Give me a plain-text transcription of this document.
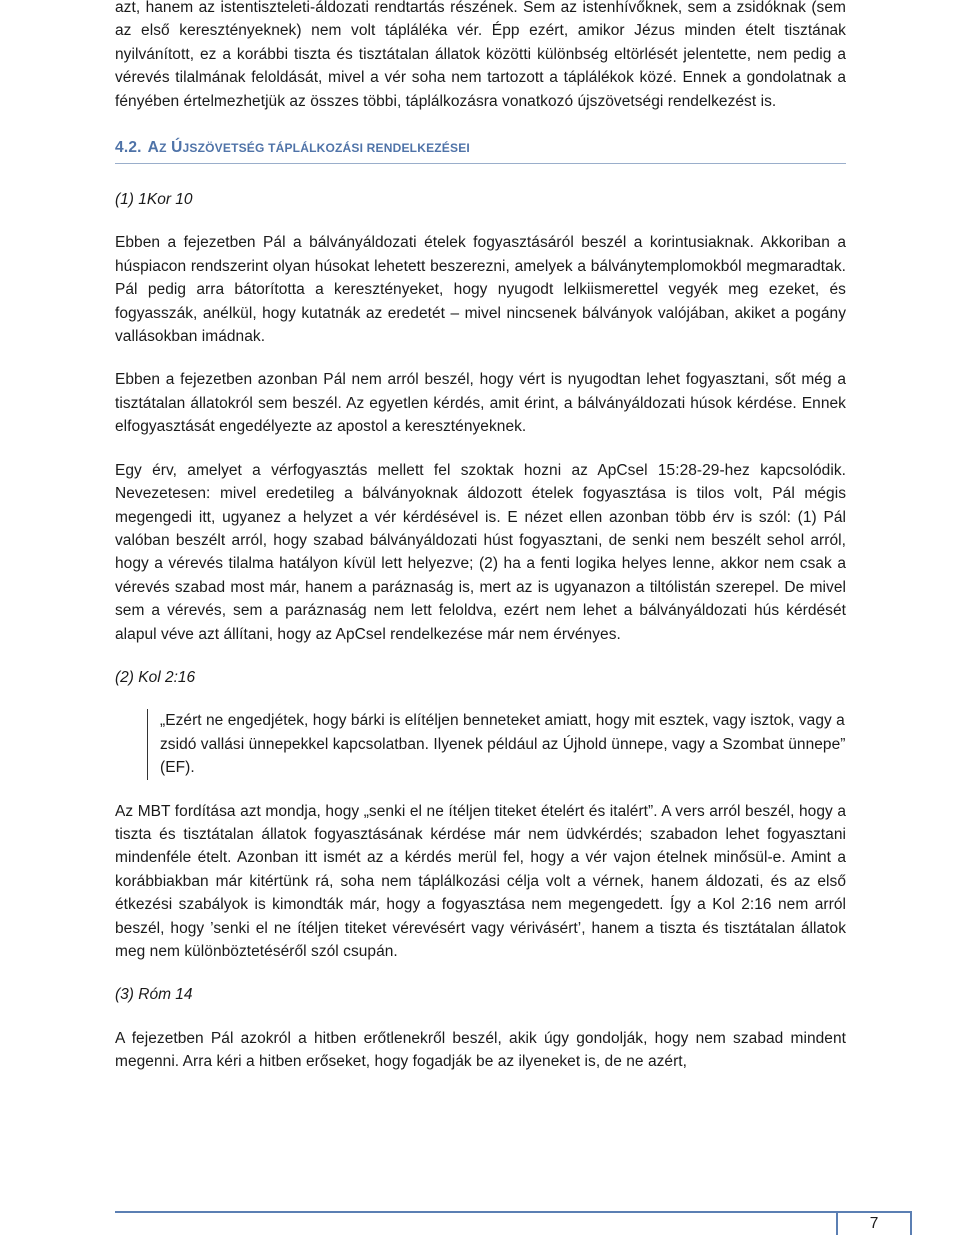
azt, hanem az istentiszteleti-áldozati rendtartás részének. Sem az istenhívőknek, sem a zsidóknak (sem az első keresztényeknek) nem volt tápláléka vér. Épp ezért, amikor Jézus minden ételt tisztának nyilvánított, ez a korábbi tiszta és tisztátalan állatok közötti különbség eltörlését jelentette, nem pedig a vérevés tilalmának feloldását, mivel a vér soha nem tartozott a táplálékok közé. Ennek a gondolatnak a fényében értelmezhetjük az összes többi, táplálkozásra vonatkozó újszövetségi rendelkezést is.

4.2. AZ ÚJSZÖVETSÉG TÁPLÁLKOZÁSI RENDELKEZÉSEI

(1) 1Kor 10

Ebben a fejezetben Pál a bálványáldozati ételek fogyasztásáról beszél a korintusiaknak. Akkoriban a húspiacon rendszerint olyan húsokat lehetett beszerezni, amelyek a bálványtemplomokból megmaradtak. Pál pedig arra bátorította a keresztényeket, hogy nyugodt lelkiismerettel vegyék meg ezeket, és fogyasszák, anélkül, hogy kutatnák az eredetét – mivel nincsenek bálványok valójában, akiket a pogány vallásokban imádnak.

Ebben a fejezetben azonban Pál nem arról beszél, hogy vért is nyugodtan lehet fogyasztani, sőt még a tisztátalan állatokról sem beszél. Az egyetlen kérdés, amit érint, a bálványáldozati húsok kérdése. Ennek elfogyasztását engedélyezte az apostol a keresztényeknek.

Egy érv, amelyet a vérfogyasztás mellett fel szoktak hozni az ApCsel 15:28-29-hez kapcsolódik. Nevezetesen: mivel eredetileg a bálványoknak áldozott ételek fogyasztása is tilos volt, Pál mégis megengedi itt, ugyanez a helyzet a vér kérdésével is. E nézet ellen azonban több érv is szól: (1) Pál valóban beszélt arról, hogy szabad bálványáldozati húst fogyasztani, de senki nem beszélt sehol arról, hogy a vérevés tilalma hatályon kívül lett helyezve; (2) ha a fenti logika helyes lenne, akkor nem csak a vérevés szabad most már, hanem a paráznaság is, mert az is ugyanazon a tiltólistán szerepel. De mivel sem a vérevés, sem a paráznaság nem lett feloldva, ezért nem lehet a bálványáldozati hús kérdését alapul véve azt állítani, hogy az ApCsel rendelkezése már nem érvényes.

(2) Kol 2:16

„Ezért ne engedjétek, hogy bárki is elítéljen benneteket amiatt, hogy mit esztek, vagy isztok, vagy a zsidó vallási ünnepekkel kapcsolatban. Ilyenek például az Újhold ünnepe, vagy a Szombat ünnepe” (EF).

Az MBT fordítása azt mondja, hogy „senki el ne ítéljen titeket ételért és italért”. A vers arról beszél, hogy a tiszta és tisztátalan állatok fogyasztásának kérdése már nem üdvkérdés; szabadon lehet fogyasztani mindenféle ételt. Azonban itt ismét az a kérdés merül fel, hogy a vér vajon ételnek minősül-e. Amint a korábbiakban már kitértünk rá, soha nem táplálkozási célja volt a vérnek, hanem áldozati, és az első étkezési szabályok is kimondták már, hogy a fogyasztása nem megengedett. Így a Kol 2:16 nem arról beszél, hogy ’senki el ne ítéljen titeket vérevésért vagy vérivásért’, hanem a tiszta és tisztátalan állatok meg nem különböztetéséről szól csupán.

(3) Róm 14

A fejezetben Pál azokról a hitben erőtlenekről beszél, akik úgy gondolják, hogy nem szabad mindent megenni. Arra kéri a hitben erőseket, hogy fogadják be az ilyeneket is, de ne azért,

7
